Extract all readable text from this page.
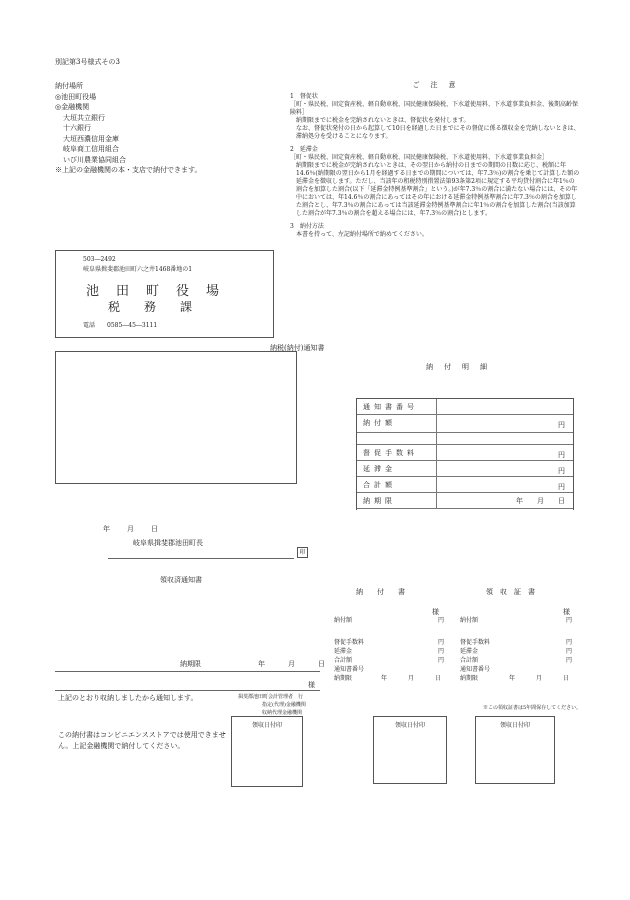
別記第3号様式その3
納付場所
◎池田町役場
◎金融機関
大垣共立銀行
十六銀行
大垣西濃信用金庫
岐阜商工信用組合
いび川農業協同組合
※上記の金融機関の本・支店で納付できます。
ご　注　意
1　督促状
［町・県民税、固定資産税、軽自動車税、国民健康保険税、下水道使用料、下水道事業負担金、後期高齢保険料］
納期限までに税金を完納されないときは、督促状を発付します。
なお、督促状発付の日から起算して10日を経過した日までにその督促に係る徴収金を完納しないときは、滞納処分を受けることになります。
2　延滞金
［町・県民税、固定資産税、軽自動車税、国民健康保険税、下水道使用料、下水道事業負担金］
納期限までに税金が完納されないときは、その翌日から納付の日までの期間の日数に応じ、税額に年14.6％(納期限の翌日から1月を経過する日までの期間については、年7.3％)の割合を乗じて計算した額の延滞金を徴収します。ただし、当該年の租税特別措置法第93条第2項に規定する平均貸付割合に年1％の割合を加算した割合(以下「延滞金特例基準割合」という。)が年7.3％の割合に満たない場合には、その年中においては、年14.6％の割合にあってはその年における延滞金特例基準割合に年7.3％の割合を加算した割合とし、年7.3％の割合にあっては当該延滞金特例基準割合に年1％の割合を加算した割合(当該加算した割合が年7.3％の割合を超える場合には、年7.3％の割合)とします。
3　納付方法
本書を持って、左記納付場所で納めてください。
503―2492
岐阜県揖斐郡池田町六之井1468番地の1
池　田　町　役　場
税　　務　　課
電話　　0585―45―3111
納税(納付)通知書
納　付　明　細
通知書番号
納付額	円
督促手数料	円
延滞金	円
合計額	円
納期限	年　　月　　日
年　　月　　日
岐阜県揖斐郡池田町長
印
領収済通知書
納期限	年　　月　　日
様
上記のとおり収納しましたから通知します。	揖斐郡池田町会計管理者　行
指定(代理)金融機関
収納代理金融機関
領収日付印
この納付書はコンビニエンスストアでは使用できません。上記金融機関で納付してください。
納　　付　　書
様
納付額	円
督促手数料	円
延滞金	円
合計額	円
通知書番号
納期限	年　　月　　日
領収日付印
領　収　証　書
様
納付額	円
督促手数料	円
延滞金	円
合計額	円
通知書番号
納期限	年　　月　　日
※この領収証書は5年間保存してください。
領収日付印
